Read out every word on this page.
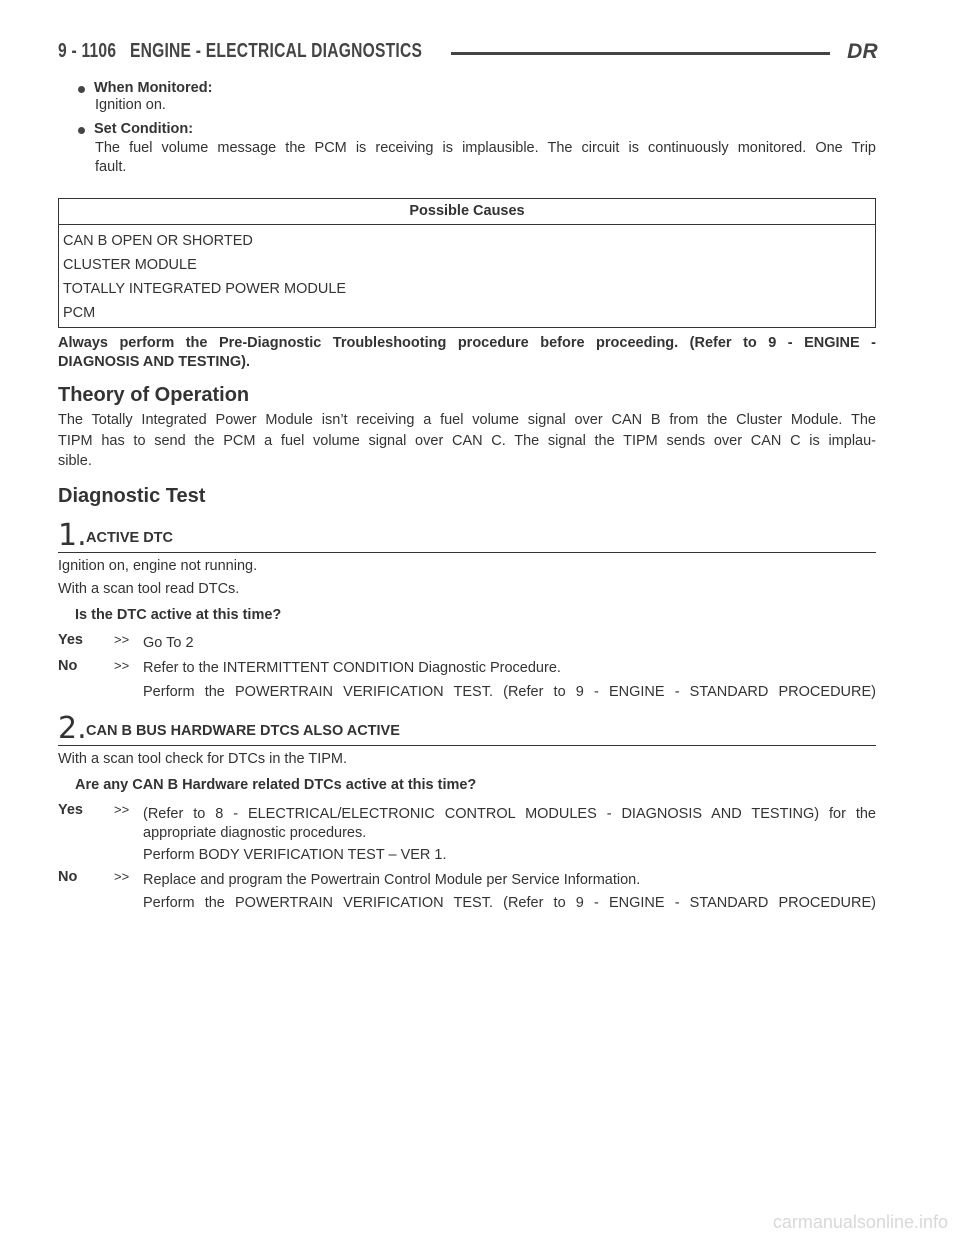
9 - 1106 ENGINE - ELECTRICAL DIAGNOSTICS	DR
When Monitored:
Ignition on.
Set Condition:
The fuel volume message the PCM is receiving is implausible. The circuit is continuously monitored. One Trip
fault.
Possible Causes
CAN B OPEN OR SHORTED
CLUSTER MODULE
TOTALLY INTEGRATED POWER MODULE
PCM
Always perform the Pre-Diagnostic Troubleshooting procedure before proceeding. (Refer to 9 - ENGINE -
DIAGNOSIS AND TESTING).
Theory of Operation
The Totally Integrated Power Module isn’t receiving a fuel volume signal over CAN B from the Cluster Module. The
TIPM has to send the PCM a fuel volume signal over CAN C. The signal the TIPM sends over CAN C is implau-
sible.
Diagnostic Test
1. ACTIVE DTC
Ignition on, engine not running.
With a scan tool read DTCs.
Is the DTC active at this time?
Yes >> Go To 2
No	>> Refer to the INTERMITTENT CONDITION Diagnostic Procedure.
Perform the POWERTRAIN VERIFICATION TEST. (Refer to 9 - ENGINE - STANDARD PROCEDURE)
2. CAN B BUS HARDWARE DTCS ALSO ACTIVE
With a scan tool check for DTCs in the TIPM.
Are any CAN B Hardware related DTCs active at this time?
Yes >> (Refer to 8 - ELECTRICAL/ELECTRONIC CONTROL MODULES - DIAGNOSIS AND TESTING) for the
appropriate diagnostic procedures.
Perform BODY VERIFICATION TEST – VER 1.
No	>> Replace and program the Powertrain Control Module per Service Information.
Perform the POWERTRAIN VERIFICATION TEST. (Refer to 9 - ENGINE - STANDARD PROCEDURE)
carmanualsonline.info
